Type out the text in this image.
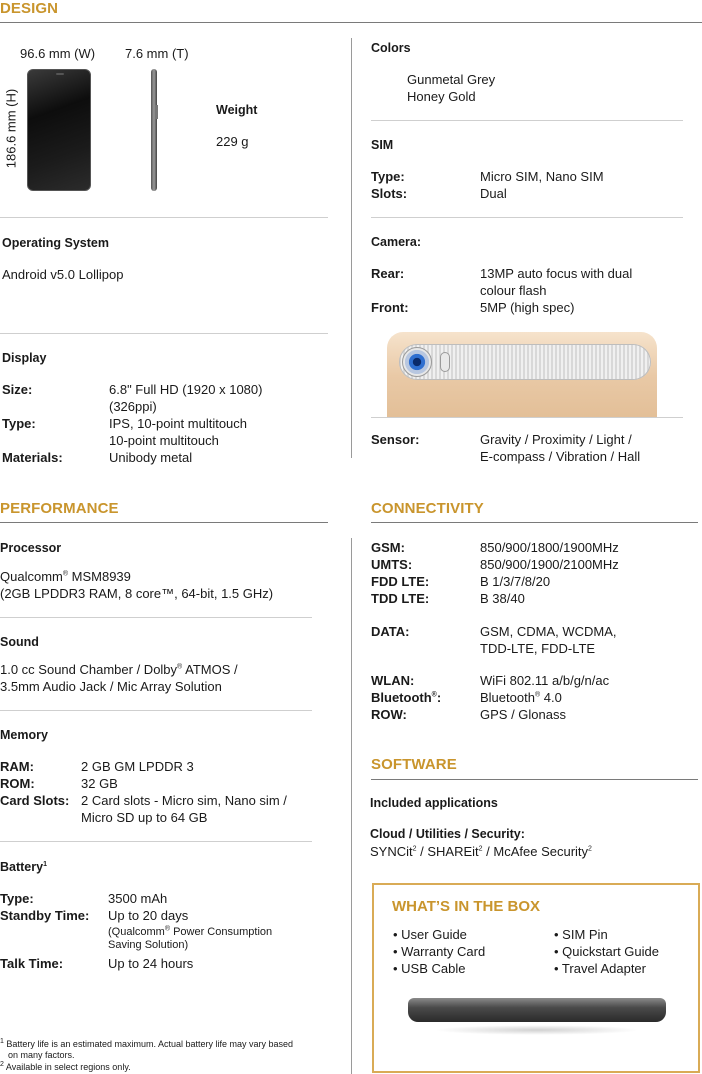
DESIGN
96.6 mm (W) 7.6 mm (T)
186.6 mm (H)	Weight
229 g
Operating System
Android v5.0 Lollipop
Display
Size:	6.8" Full HD (1920 x 1080)
(326ppi)
Type:	IPS, 10-point multitouch
10-point multitouch
Materials:	Unibody metal
Colors
Gunmetal Grey
Honey Gold
SIM
Type:	Micro SIM, Nano SIM
Slots:	Dual
Camera:
Rear:	13MP auto focus with dual
colour flash
Front:	5MP (high spec)
Sensor:	Gravity / Proximity / Light /
E-compass / Vibration / Hall
PERFORMANCE
Processor
Qualcomm® MSM8939
(2GB LPDDR3 RAM, 8 core™, 64-bit, 1.5 GHz)
Sound
1.0 cc Sound Chamber / Dolby® ATMOS /
3.5mm Audio Jack / Mic Array Solution
Memory
RAM:	2 GB GM LPDDR 3
ROM:	32 GB
Card Slots: 2 Card slots - Micro sim, Nano sim /
Micro SD up to 64 GB
Battery$^1$
Type:	3500 mAh
Standby Time: Up to 20 days
(Qualcomm® Power Consumption
Saving Solution)
Talk Time:	Up to 24 hours
$^1$ Battery life is an estimated maximum. Actual battery life may vary based
on many factors.
$^2$ Available in select regions only.
CONNECTIVITY
GSM:	850/900/1800/1900MHz
UMTS:	850/900/1900/2100MHz
FDD LTE:	B 1/3/7/8/20
TDD LTE:	B 38/40
DATA:	GSM, CDMA, WCDMA,
TDD-LTE, FDD-LTE
WLAN:	WiFi 802.11 a/b/g/n/ac
Bluetooth®:	Bluetooth® 4.0
ROW:	GPS / Glonass
SOFTWARE
Included applications
Cloud / Utilities / Security:
SYNCit$^2$ / SHAREit$^2$ / McAfee Security$^2$
WHAT’S IN THE BOX
• User Guide
• Warranty Card
• USB Cable
• SIM Pin
• Quickstart Guide
• Travel Adapter
